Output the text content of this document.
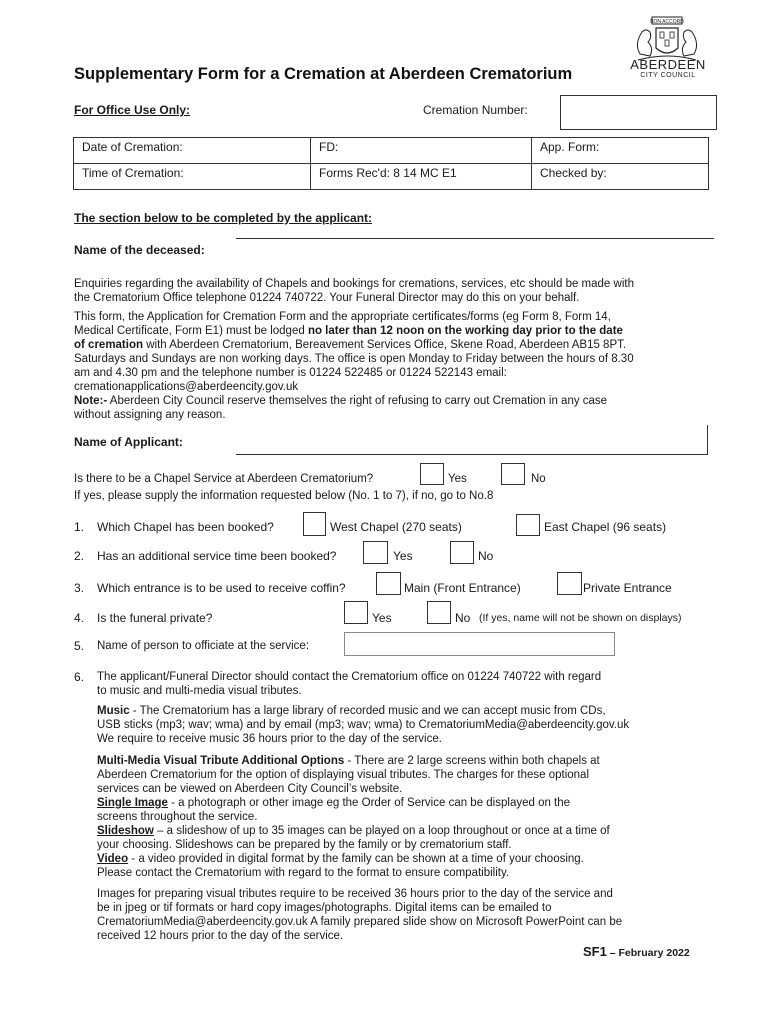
BON ACCORD
ABERDEEN
CITY COUNCIL
Supplementary Form for a Cremation at Aberdeen Crematorium
For Office Use Only:	Cremation Number:
Date of Cremation:	FD:	App. Form:
Time of Cremation:	Forms Rec'd: 8 14 MC E1	Checked by:
The section below to be completed by the applicant:
Name of the deceased:
Enquiries regarding the availability of Chapels and bookings for cremations, services, etc should be made with
the Crematorium Office telephone 01224 740722. Your Funeral Director may do this on your behalf.
This form, the Application for Cremation Form and the appropriate certificates/forms (eg Form 8, Form 14,
Medical Certificate, Form E1) must be lodged no later than 12 noon on the working day prior to the date
of cremation with Aberdeen Crematorium, Bereavement Services Office, Skene Road, Aberdeen AB15 8PT.
Saturdays and Sundays are non working days. The office is open Monday to Friday between the hours of 8.30
am and 4.30 pm and the telephone number is 01224 522485 or 01224 522143 email:
cremationapplications@aberdeencity.gov.uk
Note:- Aberdeen City Council reserve themselves the right of refusing to carry out Cremation in any case
without assigning any reason.
Name of Applicant:
Is there to be a Chapel Service at Aberdeen Crematorium?	Yes	No
If yes, please supply the information requested below (No. 1 to 7), if no, go to No.8
1. Which Chapel has been booked?	West Chapel (270 seats)	East Chapel (96 seats)
2. Has an additional service time been booked?	Yes	No
3. Which entrance is to be used to receive coffin?	Main (Front Entrance)	Private Entrance
4. Is the funeral private?	Yes	No (If yes, name will not be shown on displays)
5. Name of person to officiate at the service:
6. The applicant/Funeral Director should contact the Crematorium office on 01224 740722 with regard
to music and multi-media visual tributes.
Music - The Crematorium has a large library of recorded music and we can accept music from CDs,
USB sticks (mp3; wav; wma) and by email (mp3; wav; wma) to CrematoriumMedia@aberdeencity.gov.uk
We require to receive music 36 hours prior to the day of the service.
Multi-Media Visual Tribute Additional Options - There are 2 large screens within both chapels at
Aberdeen Crematorium for the option of displaying visual tributes. The charges for these optional
services can be viewed on Aberdeen City Council’s website.
Single Image - a photograph or other image eg the Order of Service can be displayed on the
screens throughout the service.
Slideshow – a slideshow of up to 35 images can be played on a loop throughout or once at a time of
your choosing. Slideshows can be prepared by the family or by crematorium staff.
Video - a video provided in digital format by the family can be shown at a time of your choosing.
Please contact the Crematorium with regard to the format to ensure compatibility.
Images for preparing visual tributes require to be received 36 hours prior to the day of the service and
be in jpeg or tif formats or hard copy images/photographs. Digital items can be emailed to
CrematoriumMedia@aberdeencity.gov.uk A family prepared slide show on Microsoft PowerPoint can be
received 12 hours prior to the day of the service.
SF1 – February 2022
